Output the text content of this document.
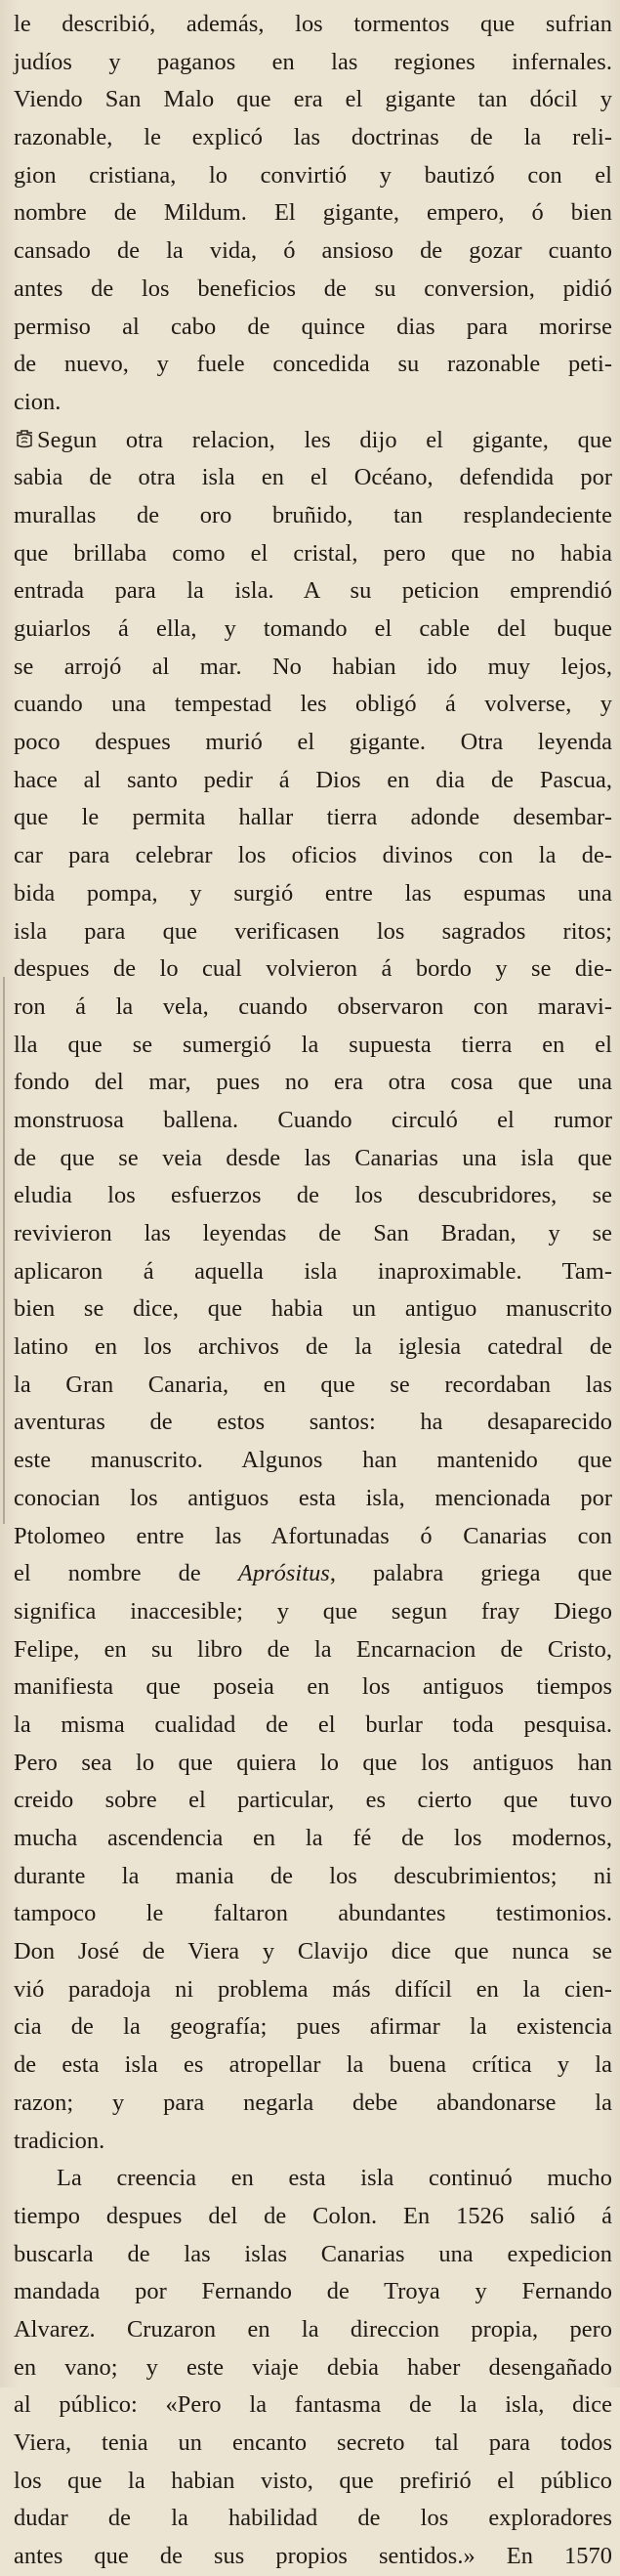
le describió, además, los tormentos que sufrian
judíos y paganos en las regiones infernales.
Viendo San Malo que era el gigante tan dócil y
razonable, le explicó las doctrinas de la reli-
gion cristiana, lo convirtió y bautizó con el
nombre de Mildum. El gigante, empero, ó bien
cansado de la vida, ó ansioso de gozar cuanto
antes de los beneficios de su conversion, pidió
permiso al cabo de quince dias para morirse
de nuevo, y fuele concedida su razonable peti-
cion.
Segun otra relacion, les dijo el gigante, que
sabia de otra isla en el Océano, defendida por
murallas de oro bruñido, tan resplandeciente
que brillaba como el cristal, pero que no habia
entrada para la isla. A su peticion emprendió
guiarlos á ella, y tomando el cable del buque
se arrojó al mar. No habian ido muy lejos,
cuando una tempestad les obligó á volverse, y
poco despues murió el gigante. Otra leyenda
hace al santo pedir á Dios en dia de Pascua,
que le permita hallar tierra adonde desembar-
car para celebrar los oficios divinos con la de-
bida pompa, y surgió entre las espumas una
isla para que verificasen los sagrados ritos;
despues de lo cual volvieron á bordo y se die-
ron á la vela, cuando observaron con maravi-
lla que se sumergió la supuesta tierra en el
fondo del mar, pues no era otra cosa que una
monstruosa ballena. Cuando circuló el rumor
de que se veia desde las Canarias una isla que
eludia los esfuerzos de los descubridores, se
revivieron las leyendas de San Bradan, y se
aplicaron á aquella isla inaproximable. Tam-
bien se dice, que habia un antiguo manuscrito
latino en los archivos de la iglesia catedral de
la Gran Canaria, en que se recordaban las
aventuras de estos santos: ha desaparecido
este manuscrito. Algunos han mantenido que
conocian los antiguos esta isla, mencionada por
Ptolomeo entre las Afortunadas ó Canarias con
el nombre de Aprósitus, palabra griega que
significa inaccesible; y que segun fray Diego
Felipe, en su libro de la Encarnacion de Cristo,
manifiesta que poseia en los antiguos tiempos
la misma cualidad de el burlar toda pesquisa.
Pero sea lo que quiera lo que los antiguos han
creido sobre el particular, es cierto que tuvo
mucha ascendencia en la fé de los modernos,
durante la mania de los descubrimientos; ni
tampoco le faltaron abundantes testimonios.
Don José de Viera y Clavijo dice que nunca se
vió paradoja ni problema más difícil en la cien-
cia de la geografía; pues afirmar la existencia
de esta isla es atropellar la buena crítica y la
razon; y para negarla debe abandonarse la
tradicion.
La creencia en esta isla continuó mucho
tiempo despues del de Colon. En 1526 salió á
buscarla de las islas Canarias una expedicion
mandada por Fernando de Troya y Fernando
Alvarez. Cruzaron en la direccion propia, pero
en vano; y este viaje debia haber desengañado
al público: «Pero la fantasma de la isla, dice
Viera, tenia un encanto secreto tal para todos
los que la habian visto, que prefirió el público
dudar de la habilidad de los exploradores
antes que de sus propios sentidos.» En 1570
